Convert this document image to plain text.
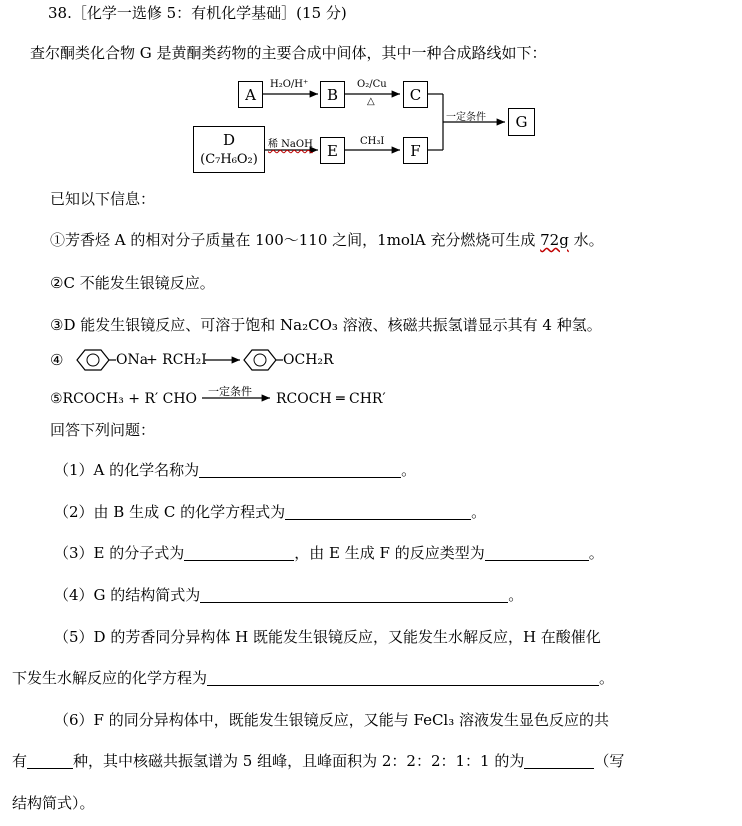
38.［化学一选修 5：有机化学基础］(15 分)
查尔酮类化合物 G 是黄酮类药物的主要合成中间体，其中一种合成路线如下：
A	B	C
G
D
(C₇H₆O₂)	E	F
H₂O/H⁺	O₂/Cu
△
稀 NaOH	CH₃I
一定条件
已知以下信息：
①芳香烃 A 的相对分子质量在 100～110 之间，1molA 充分燃烧可生成 72g 水。
②C 不能发生银镜反应。
③D 能发生银镜反应、可溶于饱和 Na₂CO₃ 溶液、核磁共振氢谱显示其有 4 种氢。
④	ONa
+ RCH₂I	OCH₂R
⑤RCOCH₃ + R′ CHO 一定条件 RCOCH ═ CHR′
回答下列问题：
（1）A 的化学名称为	。
（2）由 B 生成 C 的化学方程式为	。
（3）E 的分子式为	，由 E 生成 F 的反应类型为	。
（4）G 的结构简式为	。
（5）D 的芳香同分异构体 H 既能发生银镜反应，又能发生水解反应，H 在酸催化
下发生水解反应的化学方程为	。
（6）F 的同分异构体中，既能发生银镜反应，又能与 FeCl₃ 溶液发生显色反应的共
有	种，其中核磁共振氢谱为 5 组峰，且峰面积为 2：2：2：1：1 的为	（写
结构简式）。
